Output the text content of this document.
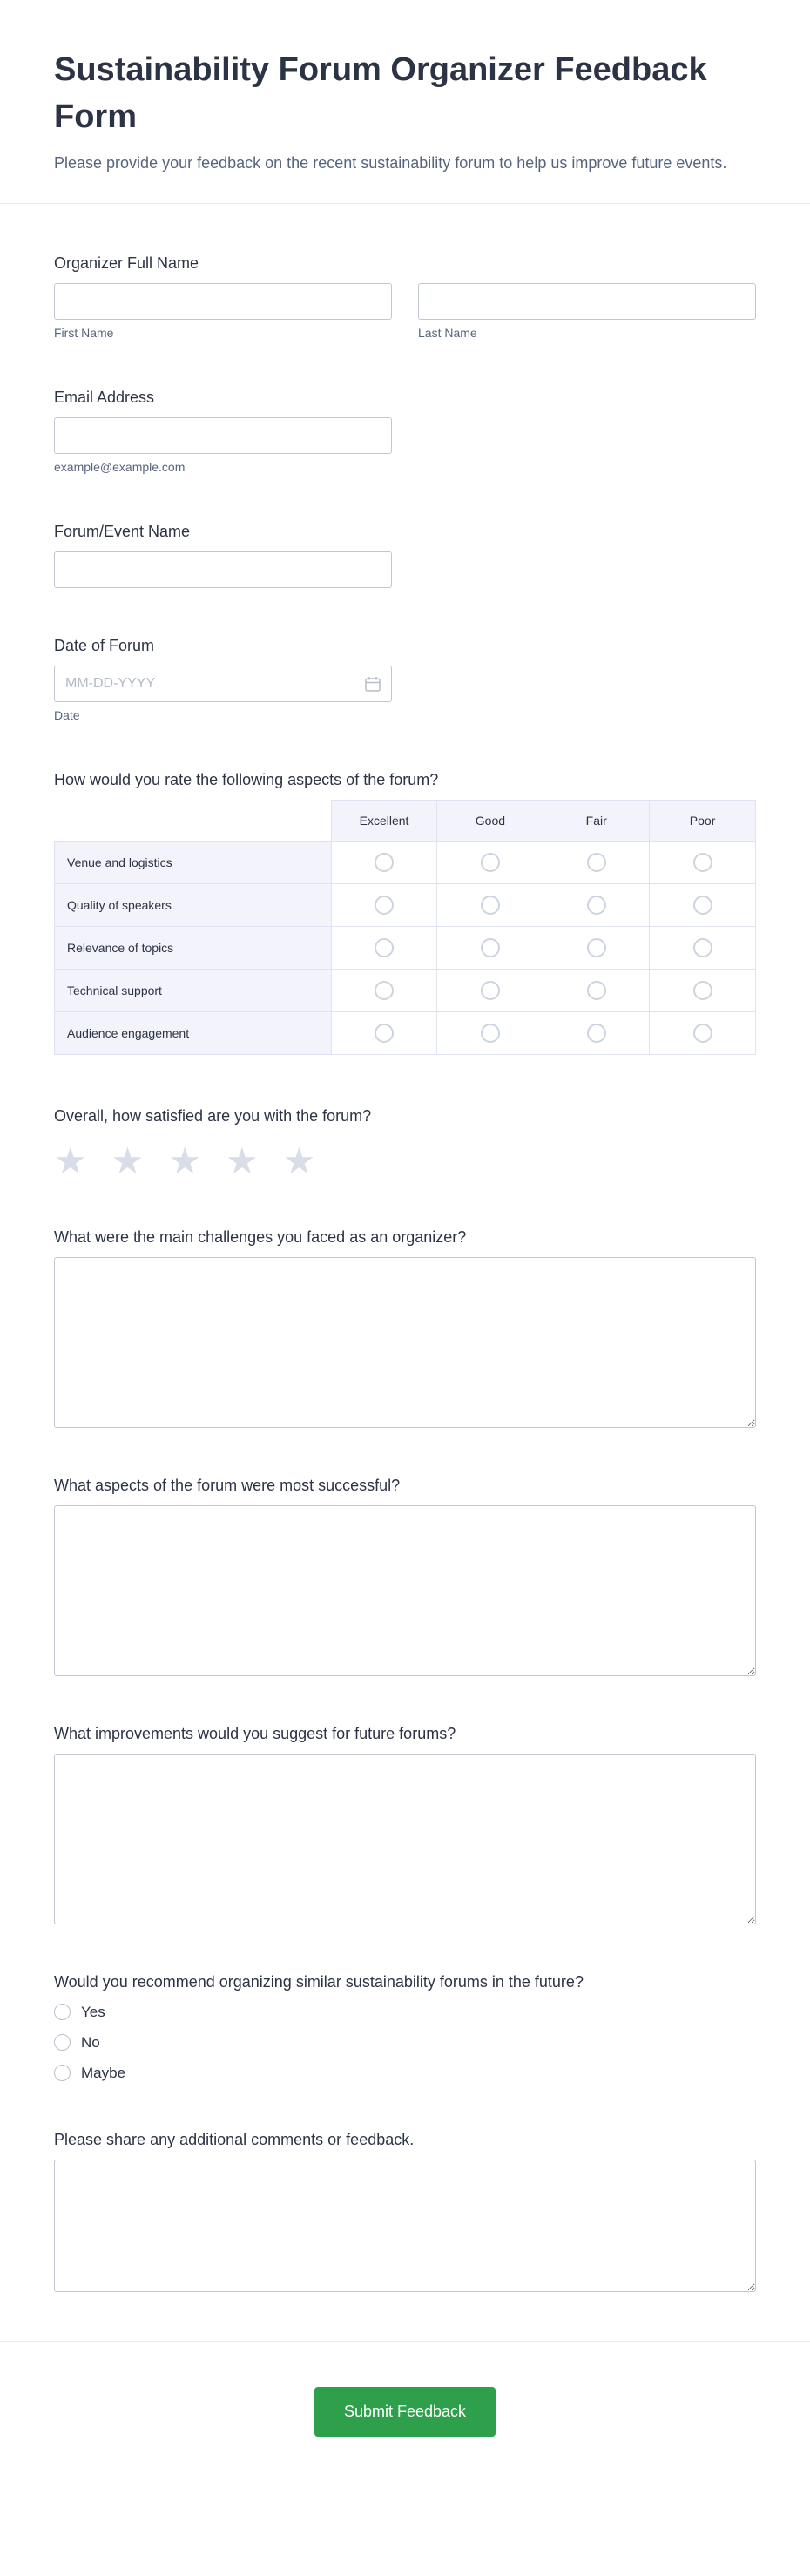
Sustainability Forum Organizer Feedback Form
Please provide your feedback on the recent sustainability forum to help us improve future events.
Organizer Full Name
First Name	Last Name
Email Address
example@example.com
Forum/Event Name
Date of Forum
MM-DD-YYYY
Date
How would you rate the following aspects of the forum?
	Excellent	Good	Fair	Poor
Venue and logistics				
Quality of speakers				
Relevance of topics				
Technical support				
Audience engagement				
Overall, how satisfied are you with the forum?
★ ★ ★ ★ ★
What were the main challenges you faced as an organizer?
What aspects of the forum were most successful?
What improvements would you suggest for future forums?
Would you recommend organizing similar sustainability forums in the future?
Yes
No
Maybe
Please share any additional comments or feedback.
Submit Feedback
